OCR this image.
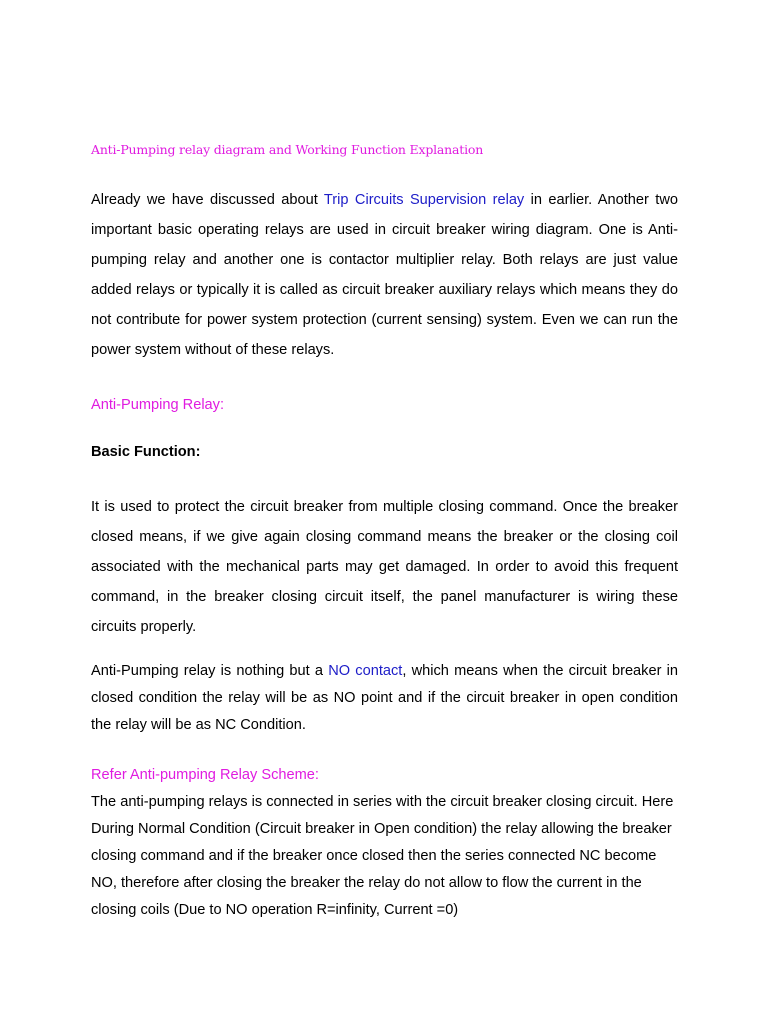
Anti-Pumping relay diagram and Working Function Explanation

Already we have discussed about Trip Circuits Supervision relay in earlier. Another two important basic operating relays are used in circuit breaker wiring diagram. One is Anti-pumping relay and another one is contactor multiplier relay. Both relays are just value added relays or typically it is called as circuit breaker auxiliary relays which means they do not contribute for power system protection (current sensing) system. Even we can run the power system without of these relays.

Anti-Pumping Relay:
Basic Function:

It is used to protect the circuit breaker from multiple closing command. Once the breaker closed means, if we give again closing command means the breaker or the closing coil associated with the mechanical parts may get damaged. In order to avoid this frequent command, in the breaker closing circuit itself, the panel manufacturer is wiring these circuits properly.

Anti-Pumping relay is nothing but a NO contact, which means when the circuit breaker in closed condition the relay will be as NO point and if the circuit breaker in open condition the relay will be as NC Condition.

Refer Anti-pumping Relay Scheme:

The anti-pumping relays is connected in series with the circuit breaker closing circuit. Here During Normal Condition (Circuit breaker in Open condition) the relay allowing the breaker closing command and if the breaker once closed then the series connected NC become NO, therefore after closing the breaker the relay do not allow to flow the current in the closing coils (Due to NO operation R=infinity, Current =0)
